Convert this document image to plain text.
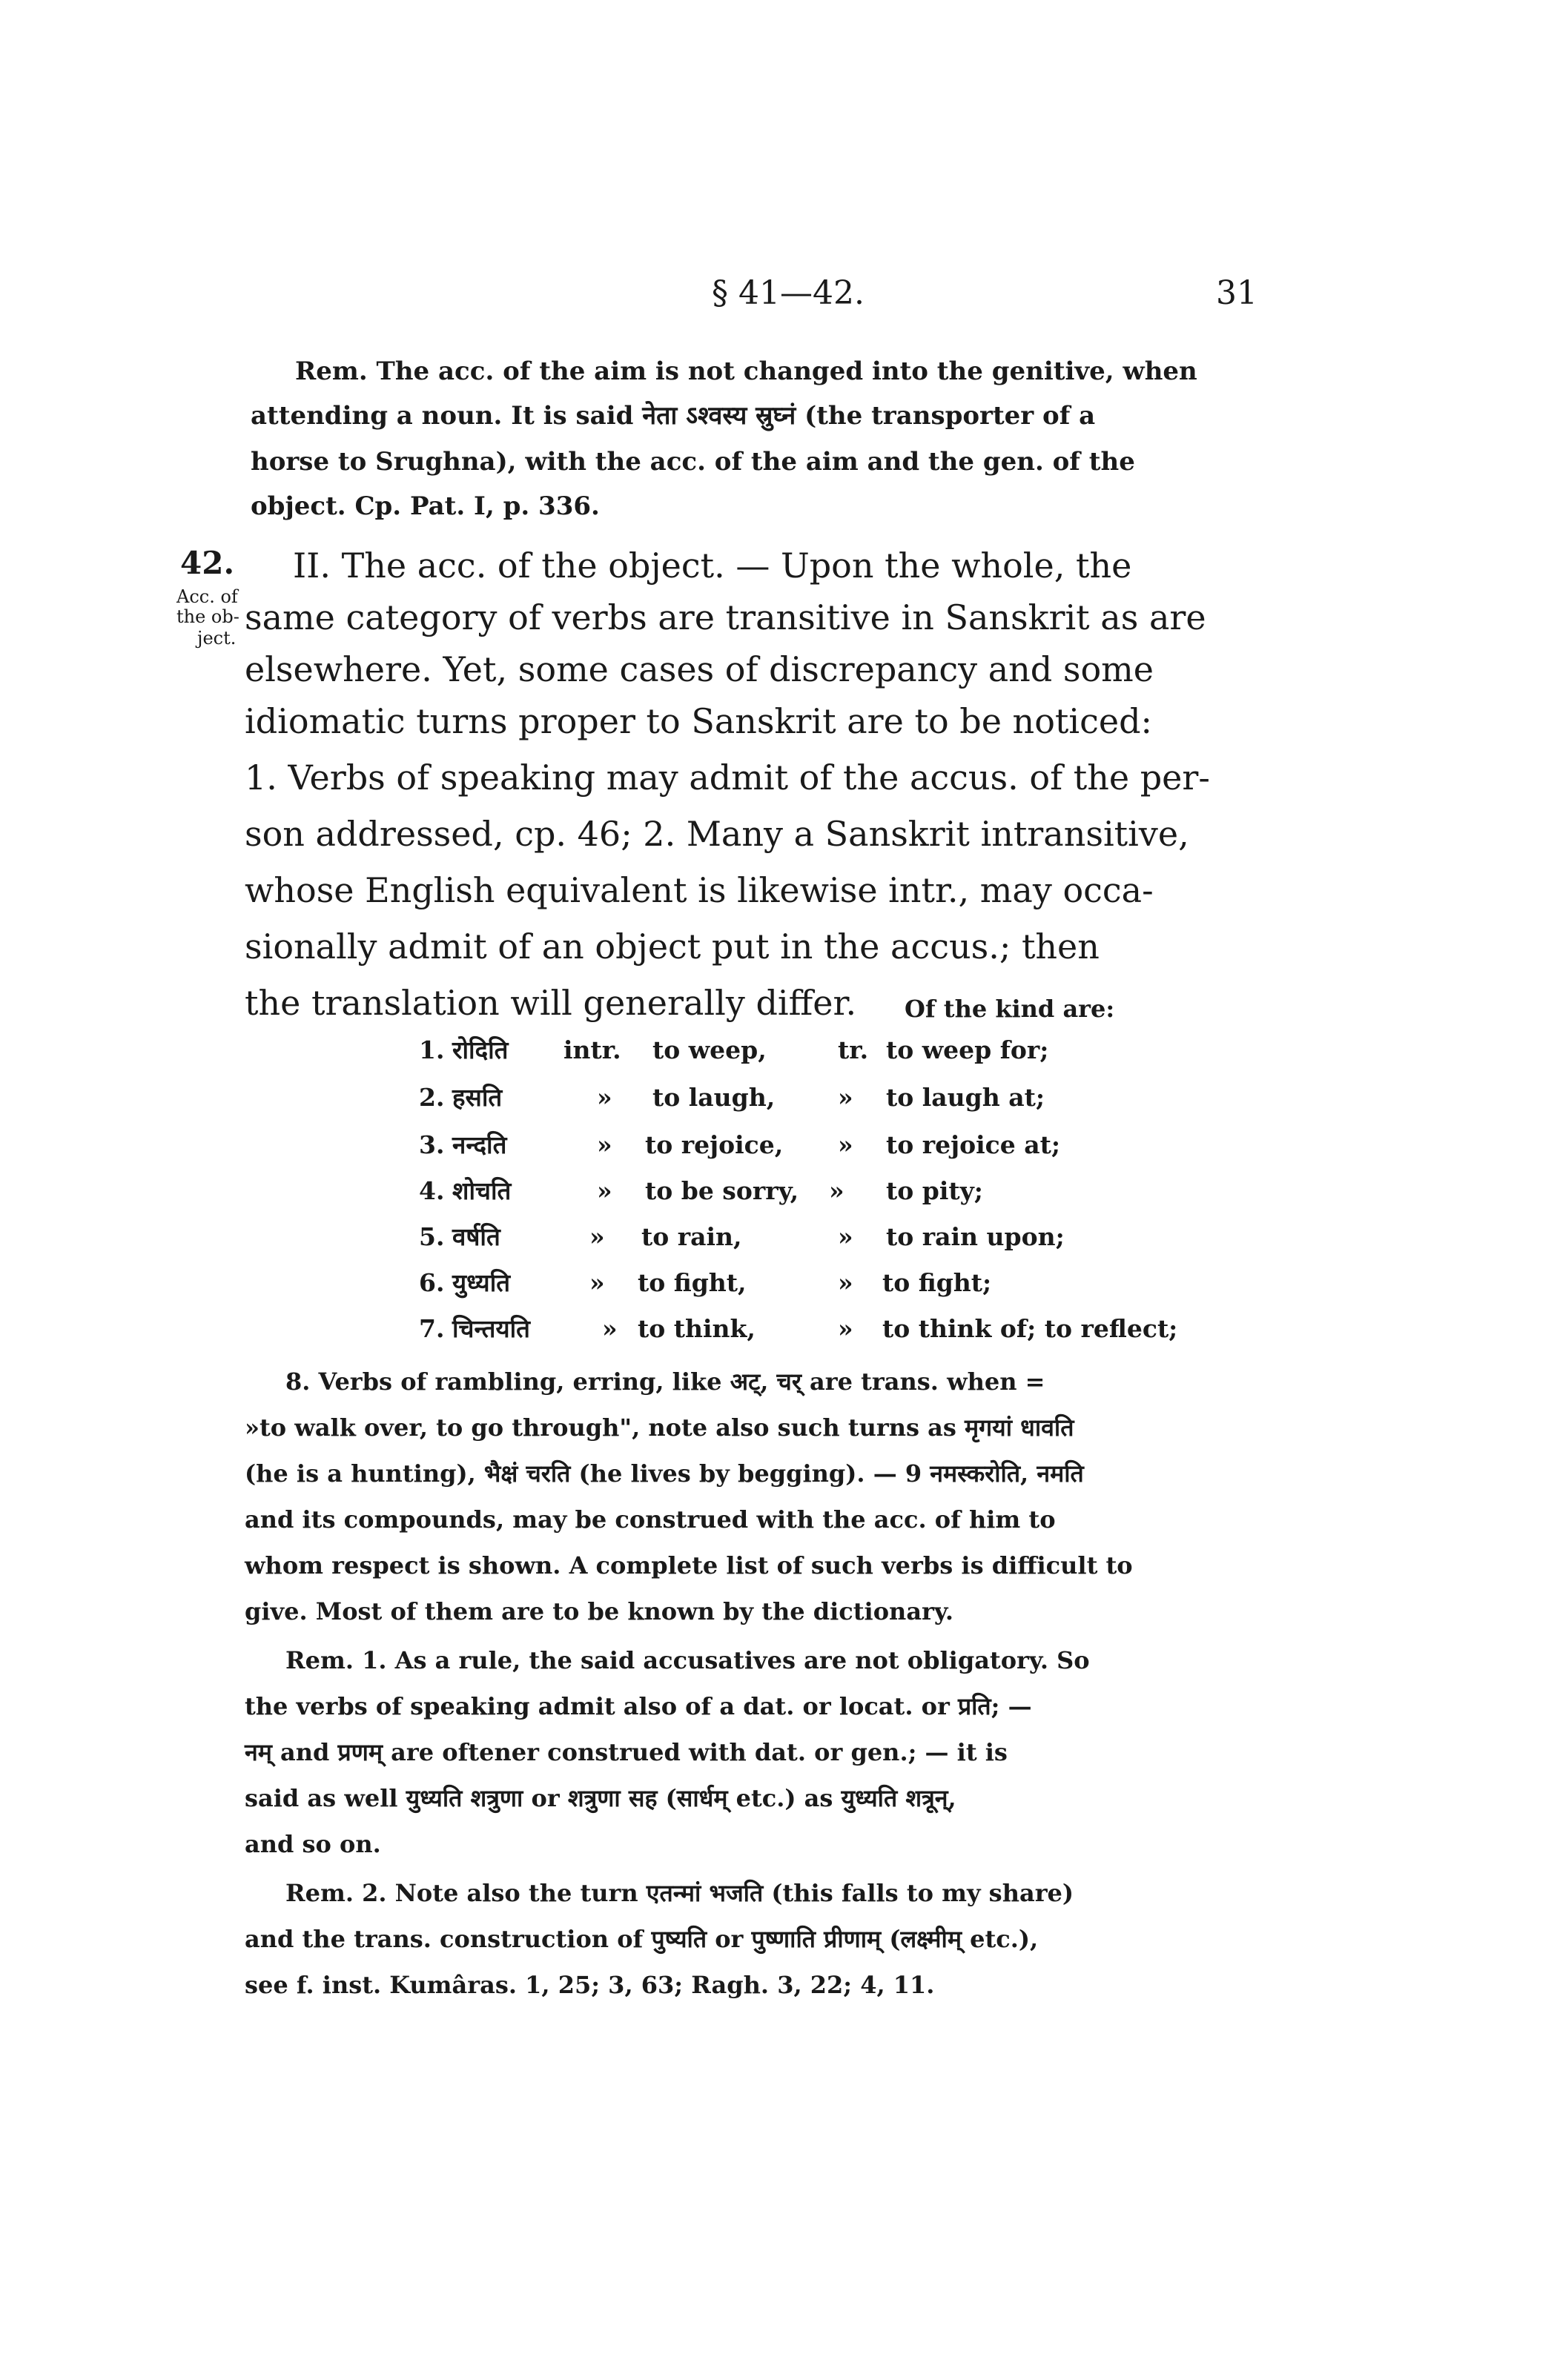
§ 41—42.	31
Rem. The acc. of the aim is not changed into the genitive, when
attending a noun. It is said नेता ऽश्वस्य स्रुघ्नं (the transporter of a
horse to Srughna), with the acc. of the aim and the gen. of the
object. Cp. Pat. I, p. 336.
42.
Acc. of
the ob-
ject.
II. The acc. of the object. — Upon the whole, the
same category of verbs are transitive in Sanskrit as are
elsewhere. Yet, some cases of discrepancy and some
idiomatic turns proper to Sanskrit are to be noticed:
1. Verbs of speaking may admit of the accus. of the per-
son addressed, cp. 46; 2. Many a Sanskrit intransitive,
whose English equivalent is likewise intr., may occa-
sionally admit of an object put in the accus.; then
the translation will generally differ. Of the kind are:
1. रोदिति intr. to weep,	tr. to weep for;
2. हसति	» to laugh,	» to laugh at;
3. नन्दति	» to rejoice, » to rejoice at;
4. शोचति	» to be sorry, » to pity;
5. वर्षति	» to rain,	» to rain upon;
6. युध्यति	» to fight,	» to fight;
7. चिन्तयति	» to think,	» to think of; to reflect;
8. Verbs of rambling, erring, like अट्, चर् are trans. when =
»to walk over, to go through", note also such turns as मृगयां धावति
(he is a hunting), भैक्षं चरति (he lives by begging). — 9 नमस्करोति, नमति
and its compounds, may be construed with the acc. of him to
whom respect is shown. A complete list of such verbs is difficult to
give. Most of them are to be known by the dictionary.
Rem. 1. As a rule, the said accusatives are not obligatory. So
the verbs of speaking admit also of a dat. or locat. or प्रति; —
नम् and प्रणम् are oftener construed with dat. or gen.; — it is
said as well युध्यति शत्रुणा or शत्रुणा सह (सार्धम् etc.) as युध्यति शत्रून्,
and so on.
Rem. 2. Note also the turn एतन्मां भजति (this falls to my share)
and the trans. construction of पुष्यति or पुष्णाति प्रीणाम् (लक्ष्मीम् etc.),
see f. inst. Kumâras. 1, 25; 3, 63; Ragh. 3, 22; 4, 11.
